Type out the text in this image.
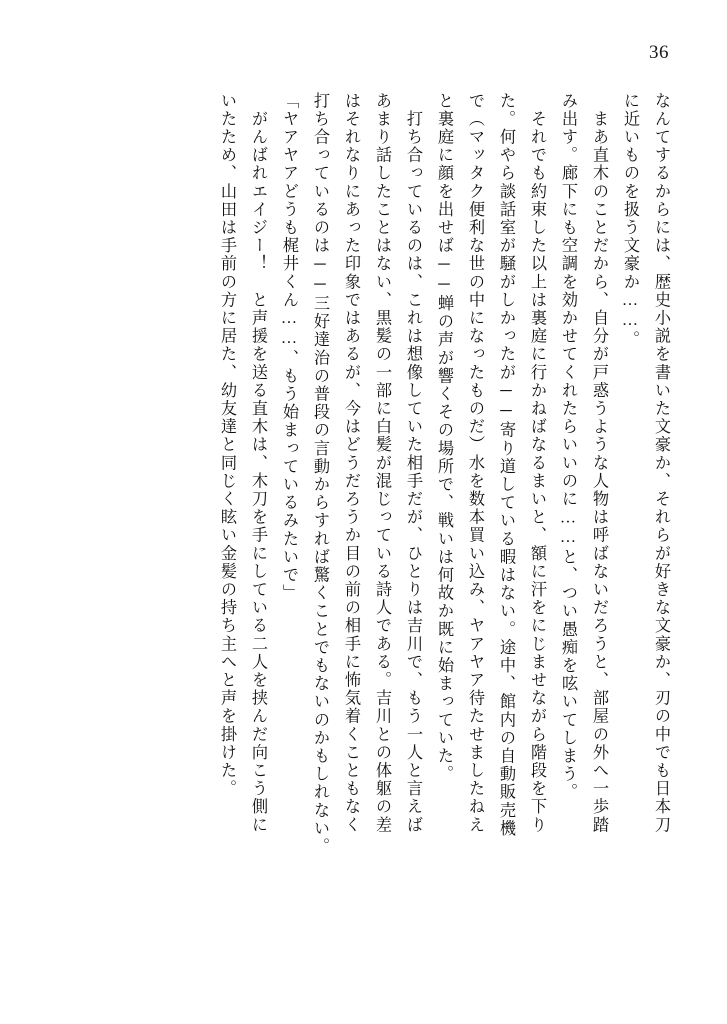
36
なんてするからには、歴史小説を書いた文豪か、それらが好きな文豪か、刃の中でも日本刀
に近いものを扱う文豪か……。
　まあ直木のことだから、自分が戸惑うような人物は呼ばないだろうと、部屋の外へ一歩踏
み出す。廊下にも空調を効かせてくれたらいいのに……と、つい愚痴を呟いてしまう。
　それでも約束した以上は裏庭に行かねばなるまいと、額に汗をにじませながら階段を下り
た。何やら談話室が騒がしかったが──寄り道している暇はない。途中、館内の自動販売機
で（マッタク便利な世の中になったものだ）水を数本買い込み、ヤアヤア待たせましたねえ
と裏庭に顔を出せば──蝉の声が響くその場所で、戦いは何故か既に始まっていた。
　打ち合っているのは、これは想像していた相手だが、ひとりは吉川で、もう一人と言えば
あまり話したことはない、黒髪の一部に白髪が混じっている詩人である。吉川との体躯の差
はそれなりにあった印象ではあるが、今はどうだろうか目の前の相手に怖気着くこともなく
打ち合っているのは──三好達治の普段の言動からすれば驚くことでもないのかもしれない。
「ヤアヤアどうも梶井くん……、もう始まっているみたいで」
　がんばれエイジー！　と声援を送る直木は、木刀を手にしている二人を挟んだ向こう側に
いたため、山田は手前の方に居た、幼友達と同じく眩い金髪の持ち主へと声を掛けた。
